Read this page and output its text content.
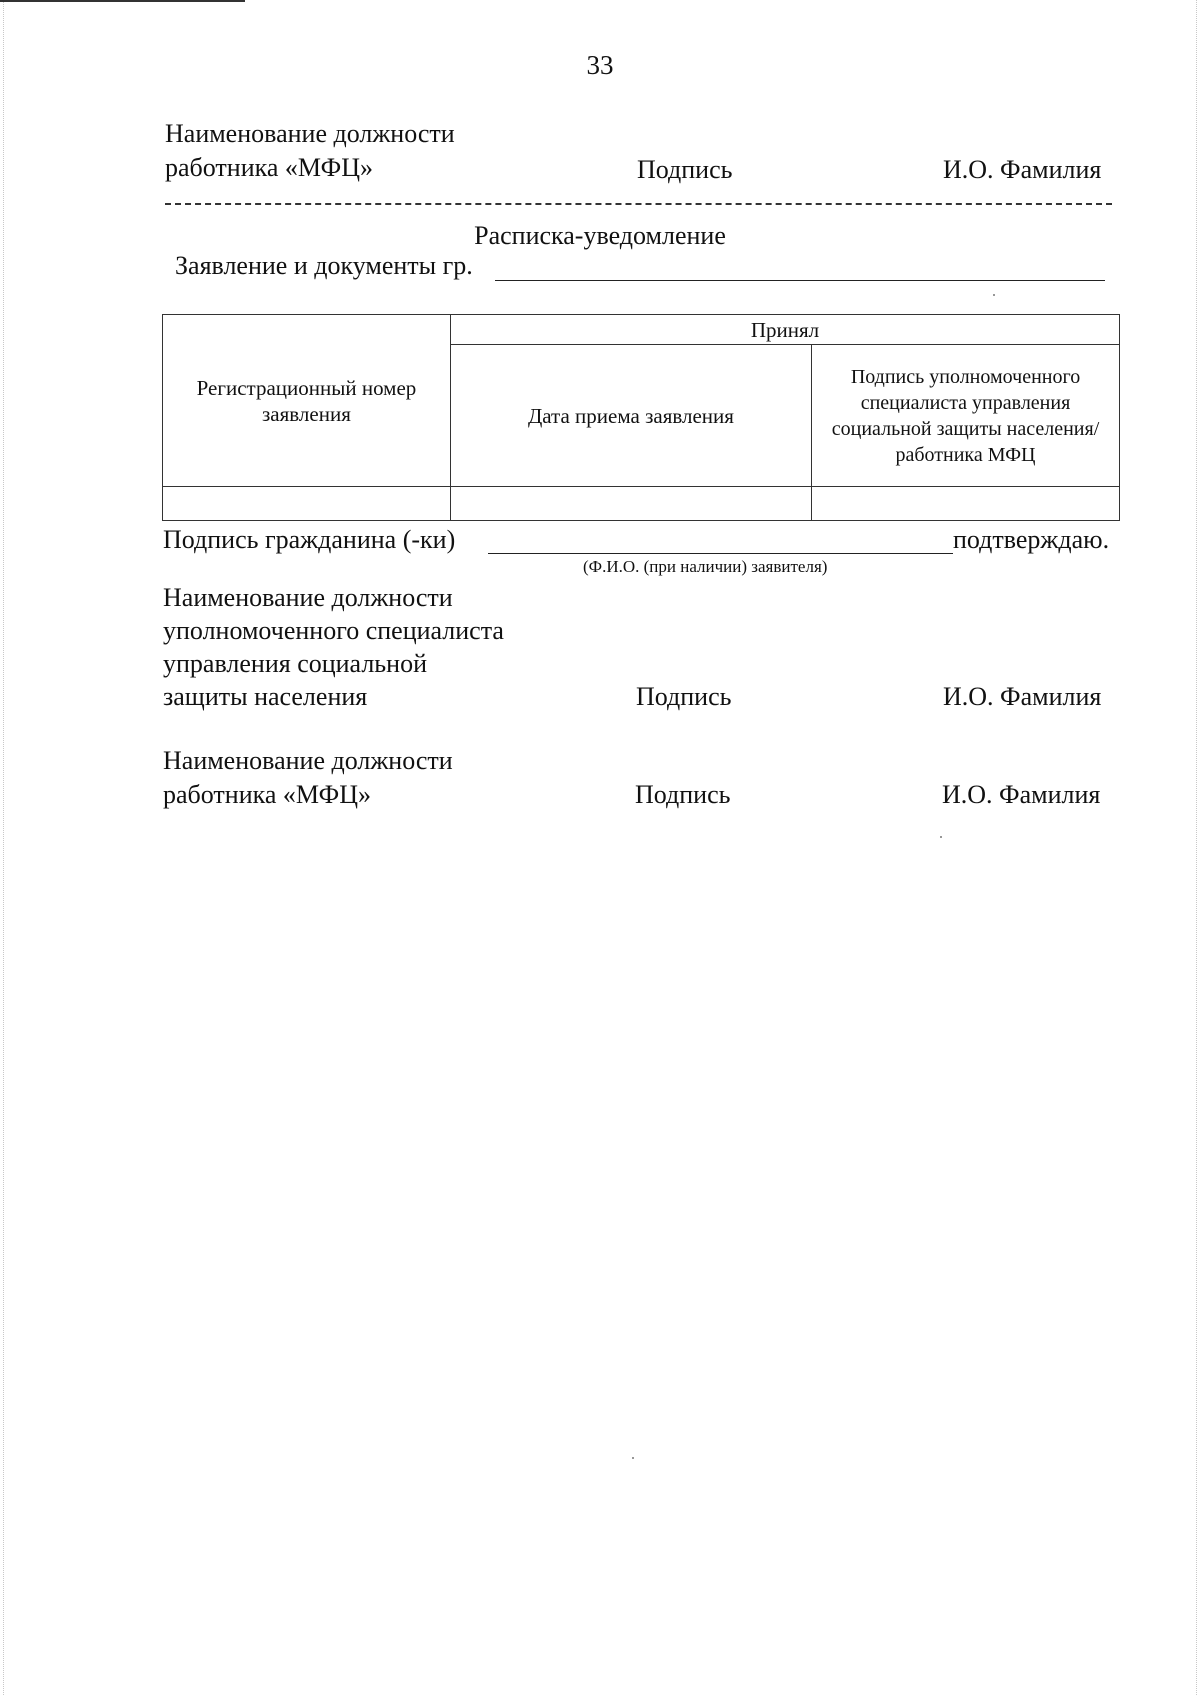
33
Наименование должности
работника «МФЦ»	Подпись	И.О. Фамилия
Расписка-уведомление
Заявление и документы гр.
Регистрационный номер заявления	Принял	
	Дата приема заявления	Подпись уполномоченного специалиста управления социальной защиты населения/ работника МФЦ

Подпись гражданина (-ки)	подтверждаю.
(Ф.И.О. (при наличии) заявителя)
Наименование должности
уполномоченного специалиста
управления социальной
защиты населения	Подпись	И.О. Фамилия
Наименование должности
работника «МФЦ»	Подпись	И.О. Фамилия
